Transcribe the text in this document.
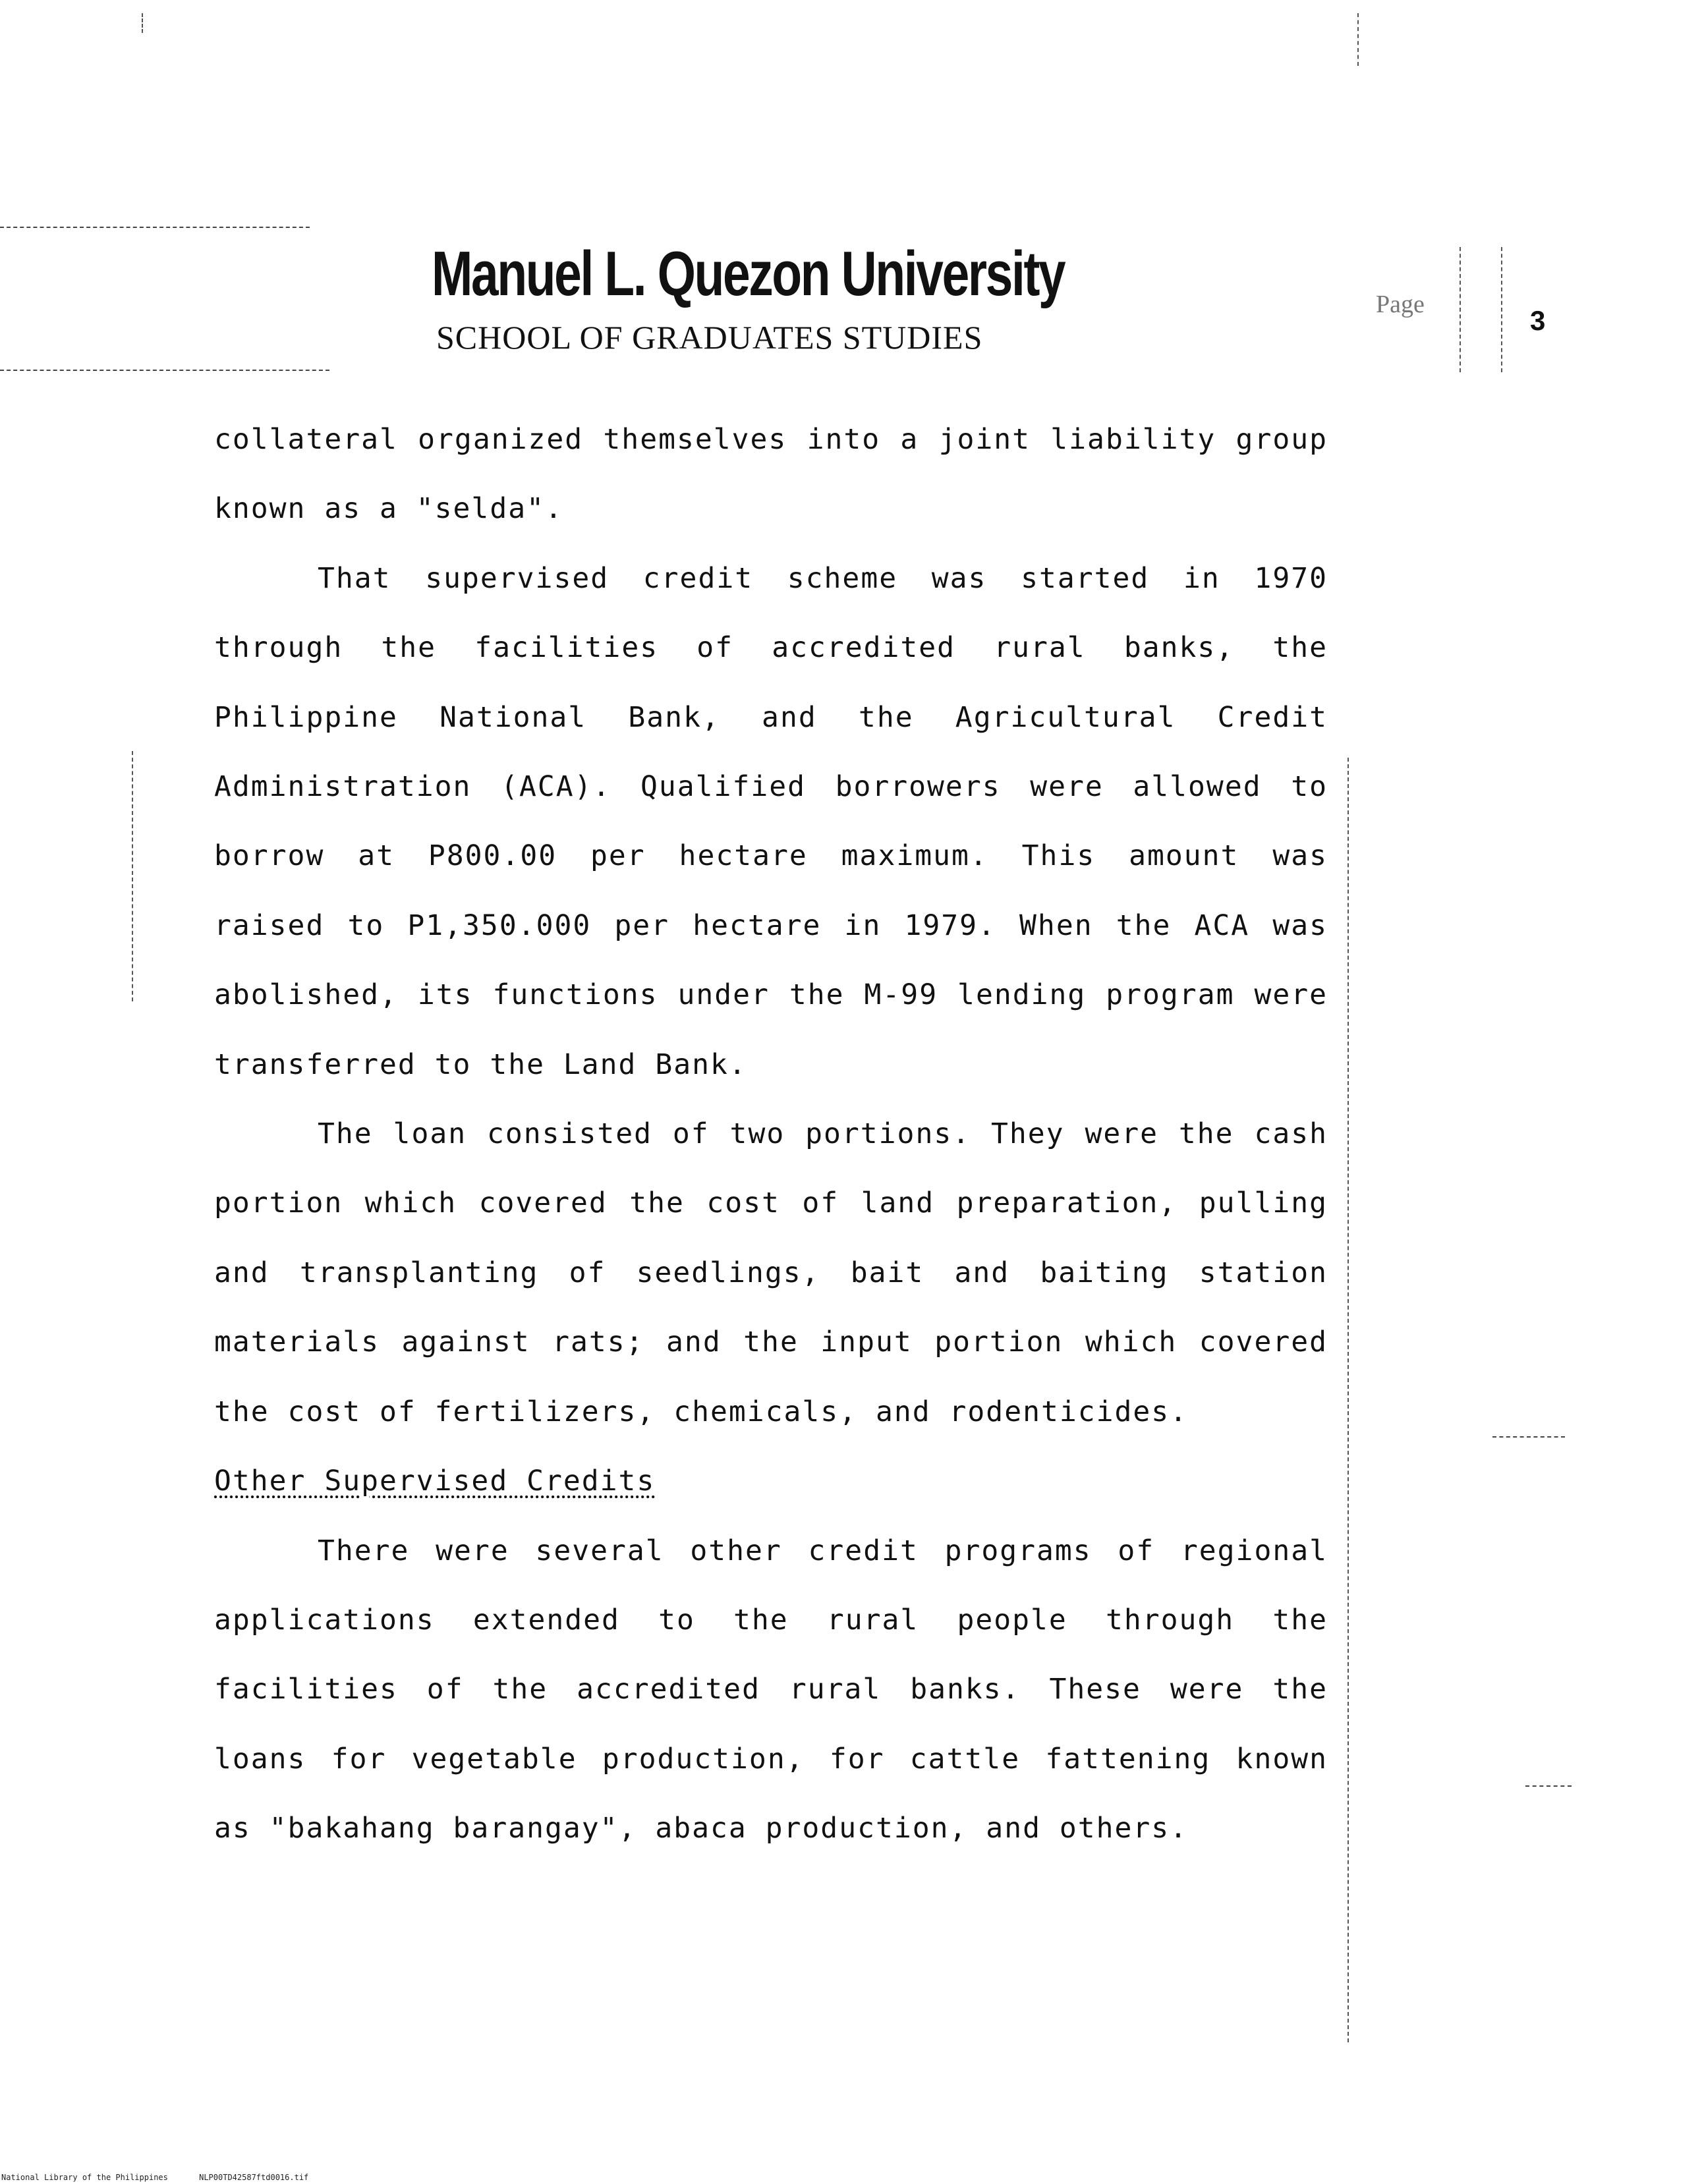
Manuel L. Quezon University
SCHOOL OF GRADUATES STUDIES
Page
3

collateral organized themselves into a joint liability group known as a "selda".

That supervised credit scheme was started in 1970 through the facilities of accredited rural banks, the Philippine National Bank, and the Agricultural Credit Administration (ACA). Qualified borrowers were allowed to borrow at P800.00 per hectare maximum. This amount was raised to P1,350.000 per hectare in 1979. When the ACA was abolished, its functions under the M-99 lending program were transferred to the Land Bank.

The loan consisted of two portions. They were the cash portion which covered the cost of land preparation, pulling and transplanting of seedlings, bait and baiting station materials against rats; and the input portion which covered the cost of fertilizers, chemicals, and rodenticides.

Other Supervised Credits

There were several other credit programs of regional applications extended to the rural people through the facilities of the accredited rural banks. These were the loans for vegetable production, for cattle fattening known as "bakahang barangay", abaca production, and others.

National Library of the Philippines	NLP00TD42587ftd0016.tif
